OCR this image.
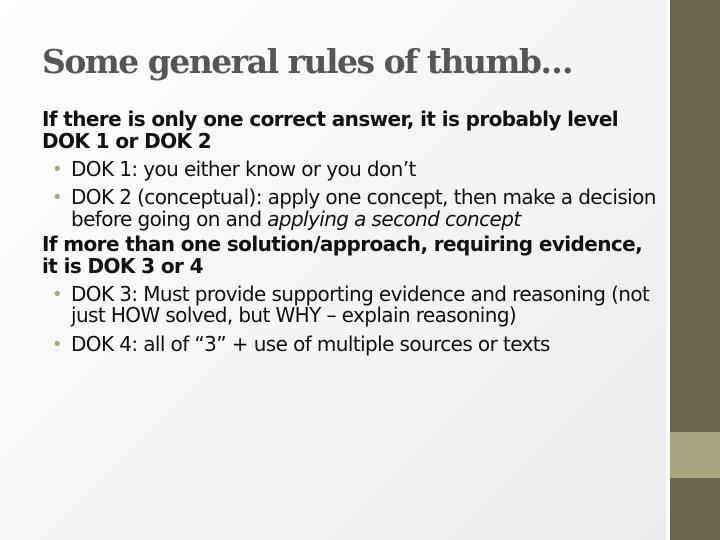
Some general rules of thumb…

If there is only one correct answer, it is probably level DOK 1 or DOK 2

• DOK 1: you either know or you don’t
• DOK 2 (conceptual): apply one concept, then make a decision before going on and applying a second concept

If more than one solution/approach, requiring evidence, it is DOK 3 or 4

• DOK 3: Must provide supporting evidence and reasoning (not just HOW solved, but WHY – explain reasoning)
• DOK 4: all of “3” + use of multiple sources or texts
